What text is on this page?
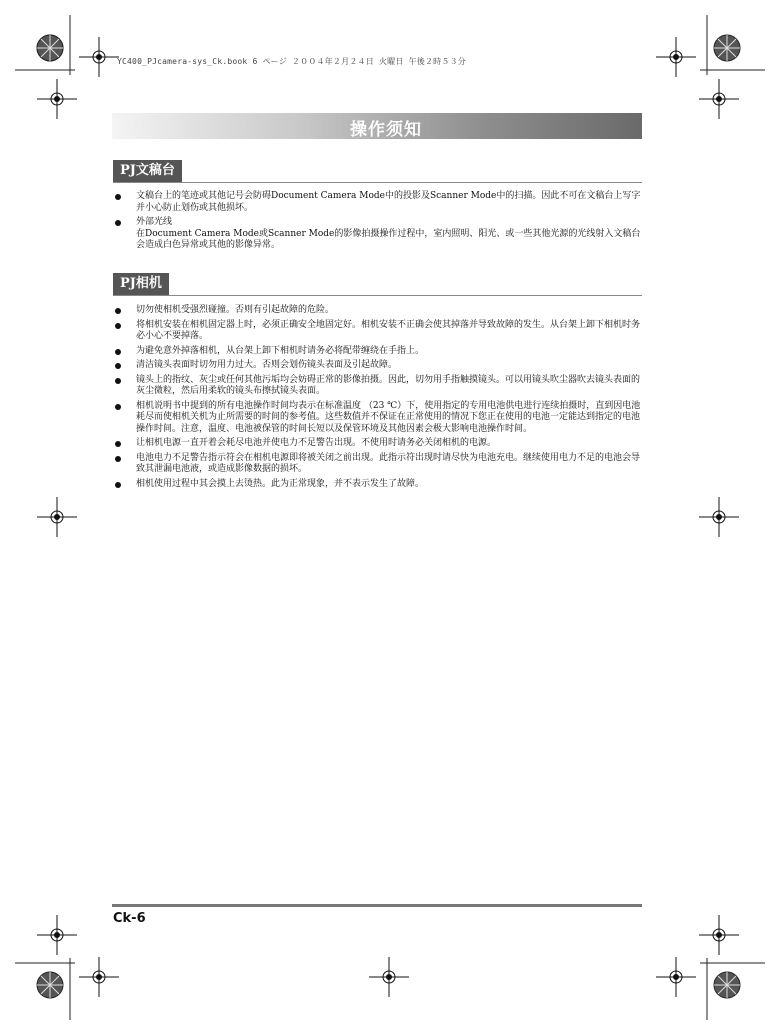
YC400_PJcamera-sys_Ck.book 6 ページ ２００４年２月２４日 火曜日 午後２時５３分
操作须知
PJ文稿台
文稿台上的笔迹或其他记号会防碍Document Camera Mode中的投影及Scanner Mode中的扫描。因此不可在文稿台上写字并小心防止划伤或其他损坏。
外部光线
在Document Camera Mode或Scanner Mode的影像拍摄操作过程中，室内照明、阳光、或一些其他光源的光线射入文稿台会造成白色异常或其他的影像异常。
PJ相机
切勿使相机受强烈碰撞。否则有引起故障的危险。
将相机安装在相机固定器上时，必须正确安全地固定好。相机安装不正确会使其掉落并导致故障的发生。从台架上卸下相机时务必小心不要掉落。
为避免意外掉落相机，从台架上卸下相机时请务必将配带缠绕在手指上。
清洁镜头表面时切勿用力过大。否则会划伤镜头表面及引起故障。
镜头上的指纹、灰尘或任何其他污垢均会妨碍正常的影像拍摄。因此，切勿用手指触摸镜头。可以用镜头吹尘器吹去镜头表面的灰尘微粒，然后用柔软的镜头布擦拭镜头表面。
相机说明书中提到的所有电池操作时间均表示在标准温度 （23 ℃）下，使用指定的专用电池供电进行连续拍摄时，直到因电池耗尽而使相机关机为止所需要的时间的参考值。这些数值并不保证在正常使用的情况下您正在使用的电池一定能达到指定的电池操作时间。注意，温度、电池被保管的时间长短以及保管环境及其他因素会极大影响电池操作时间。
让相机电源一直开着会耗尽电池并使电力不足警告出现。不使用时请务必关闭相机的电源。
电池电力不足警告指示符会在相机电源即将被关闭之前出现。此指示符出现时请尽快为电池充电。继续使用电力不足的电池会导致其泄漏电池液，或造成影像数据的损坏。
相机使用过程中其会摸上去烫热。此为正常现象，并不表示发生了故障。
Ck-6
